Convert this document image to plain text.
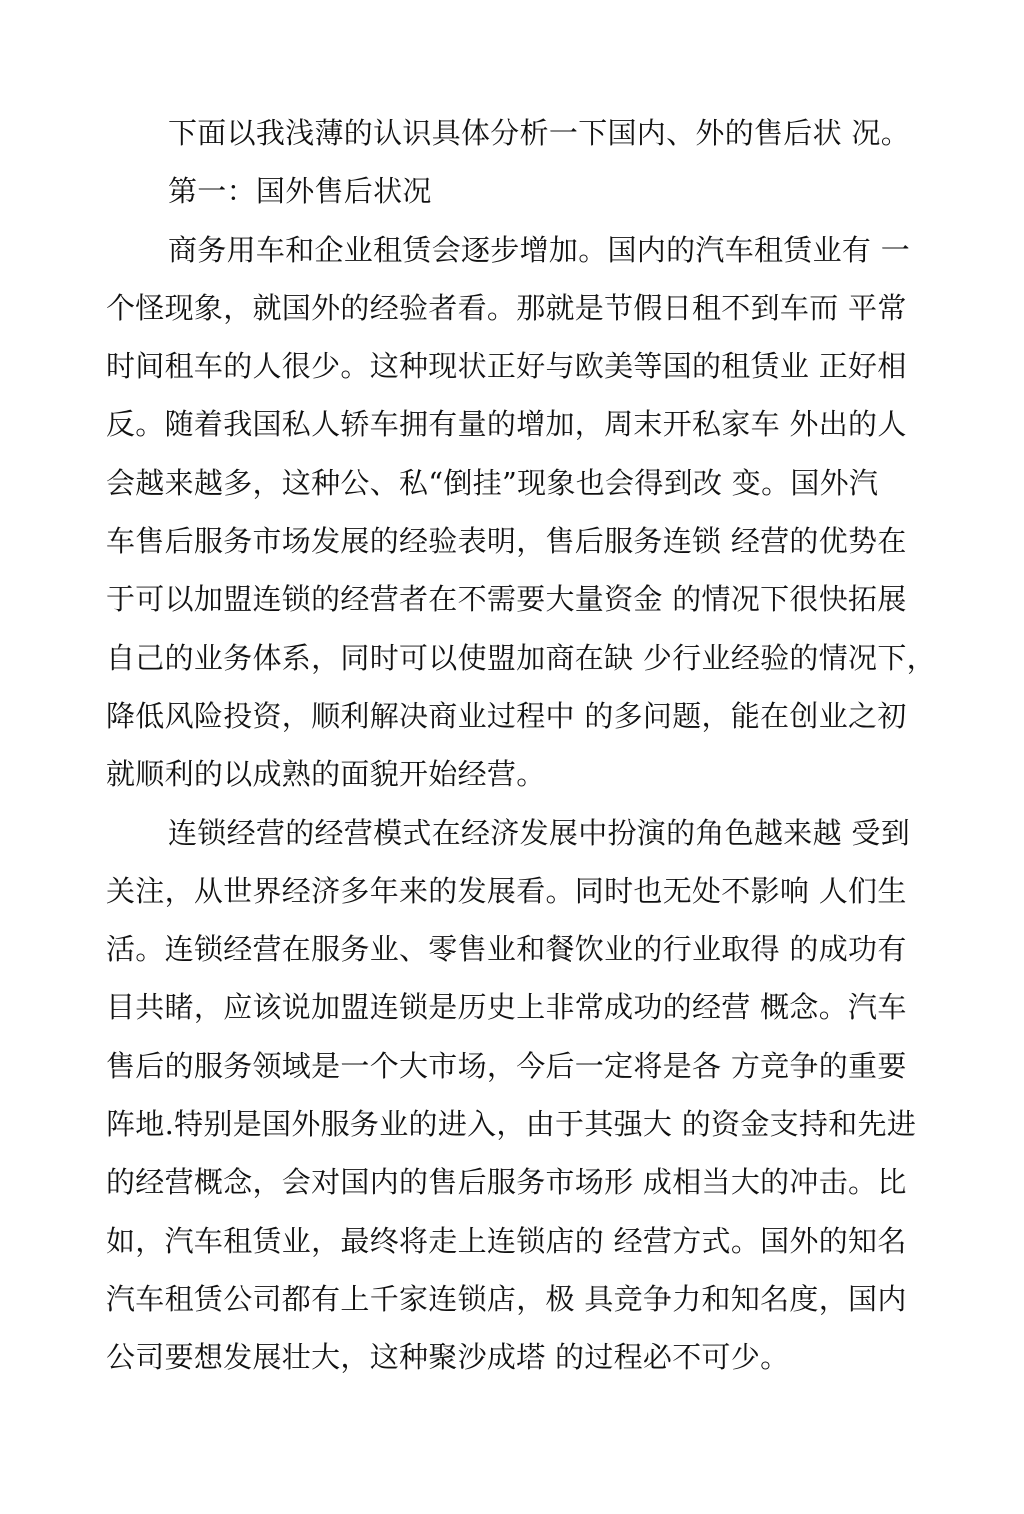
下面以我浅薄的认识具体分析一下国内、外的售后状 况。

第一：国外售后状况

商务用车和企业租赁会逐步增加。国内的汽车租赁业有 一
个怪现象，就国外的经验者看。那就是节假日租不到车而 平常
时间租车的人很少。这种现状正好与欧美等国的租赁业 正好相
反。随着我国私人轿车拥有量的增加，周末开私家车 外出的人
会越来越多，这种公、私“倒挂”现象也会得到改 变。国外汽
车售后服务市场发展的经验表明，售后服务连锁 经营的优势在
于可以加盟连锁的经营者在不需要大量资金 的情况下很快拓展
自己的业务体系，同时可以使盟加商在缺 少行业经验的情况下，
降低风险投资，顺利解决商业过程中 的多问题，能在创业之初
就顺利的以成熟的面貌开始经营。

连锁经营的经营模式在经济发展中扮演的角色越来越 受到
关注，从世界经济多年来的发展看。同时也无处不影响 人们生
活。连锁经营在服务业、零售业和餐饮业的行业取得 的成功有
目共睹，应该说加盟连锁是历史上非常成功的经营 概念。汽车
售后的服务领域是一个大市场，今后一定将是各 方竞争的重要
阵地.特别是国外服务业的进入，由于其强大 的资金支持和先进
的经营概念，会对国内的售后服务市场形 成相当大的冲击。比
如，汽车租赁业，最终将走上连锁店的 经营方式。国外的知名
汽车租赁公司都有上千家连锁店，极 具竞争力和知名度，国内
公司要想发展壮大，这种聚沙成塔 的过程必不可少。
